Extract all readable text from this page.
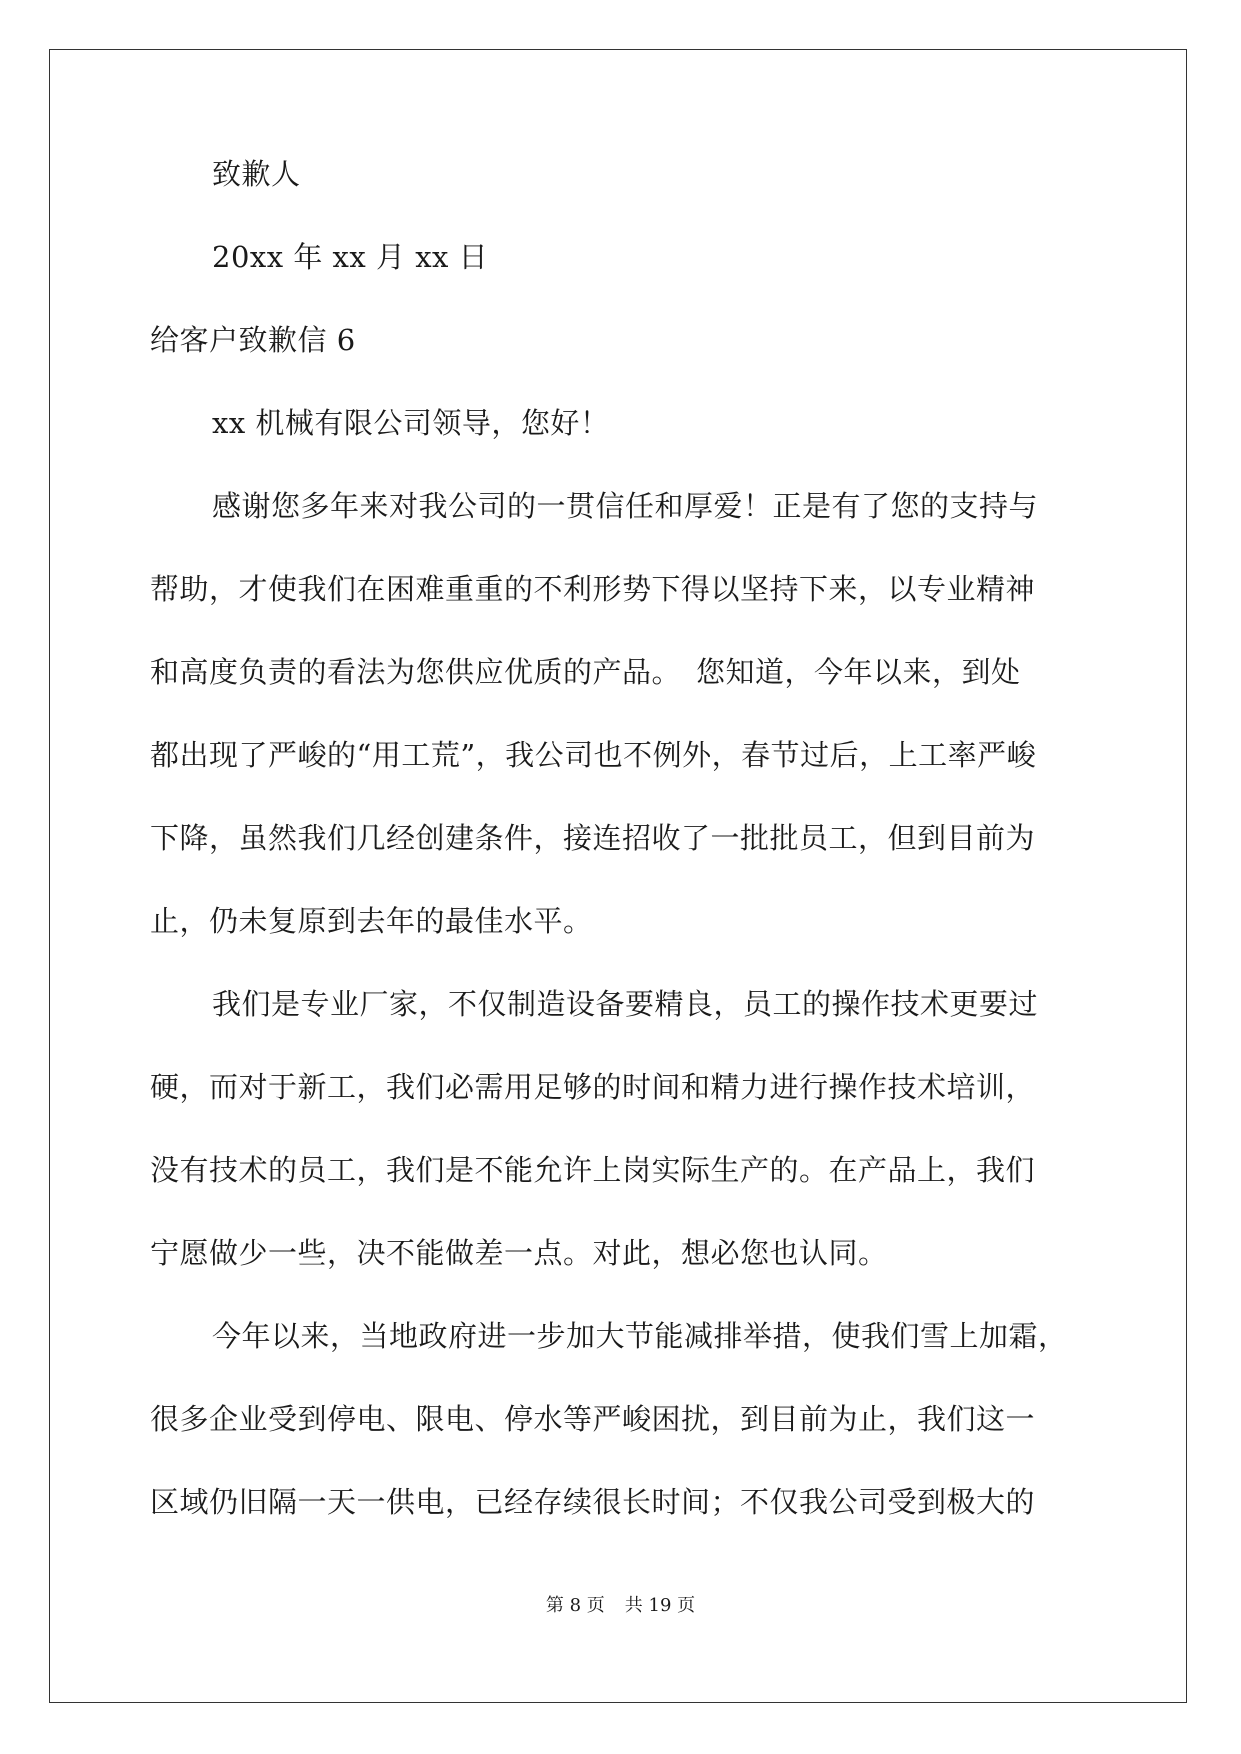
致歉人
20xx 年 xx 月 xx 日
给客户致歉信 6
xx 机械有限公司领导，您好！
感谢您多年来对我公司的一贯信任和厚爱！正是有了您的支持与
帮助，才使我们在困难重重的不利形势下得以坚持下来，以专业精神
和高度负责的看法为您供应优质的产品。　您知道，今年以来，到处
都出现了严峻的“用工荒”，我公司也不例外，春节过后，上工率严峻
下降，虽然我们几经创建条件，接连招收了一批批员工，但到目前为
止，仍未复原到去年的最佳水平。
我们是专业厂家，不仅制造设备要精良，员工的操作技术更要过
硬，而对于新工，我们必需用足够的时间和精力进行操作技术培训，
没有技术的员工，我们是不能允许上岗实际生产的。在产品上，我们
宁愿做少一些，决不能做差一点。对此，想必您也认同。
今年以来，当地政府进一步加大节能减排举措，使我们雪上加霜，
很多企业受到停电、限电、停水等严峻困扰，到目前为止，我们这一
区域仍旧隔一天一供电，已经存续很长时间；不仅我公司受到极大的
第 8 页 共 19 页
